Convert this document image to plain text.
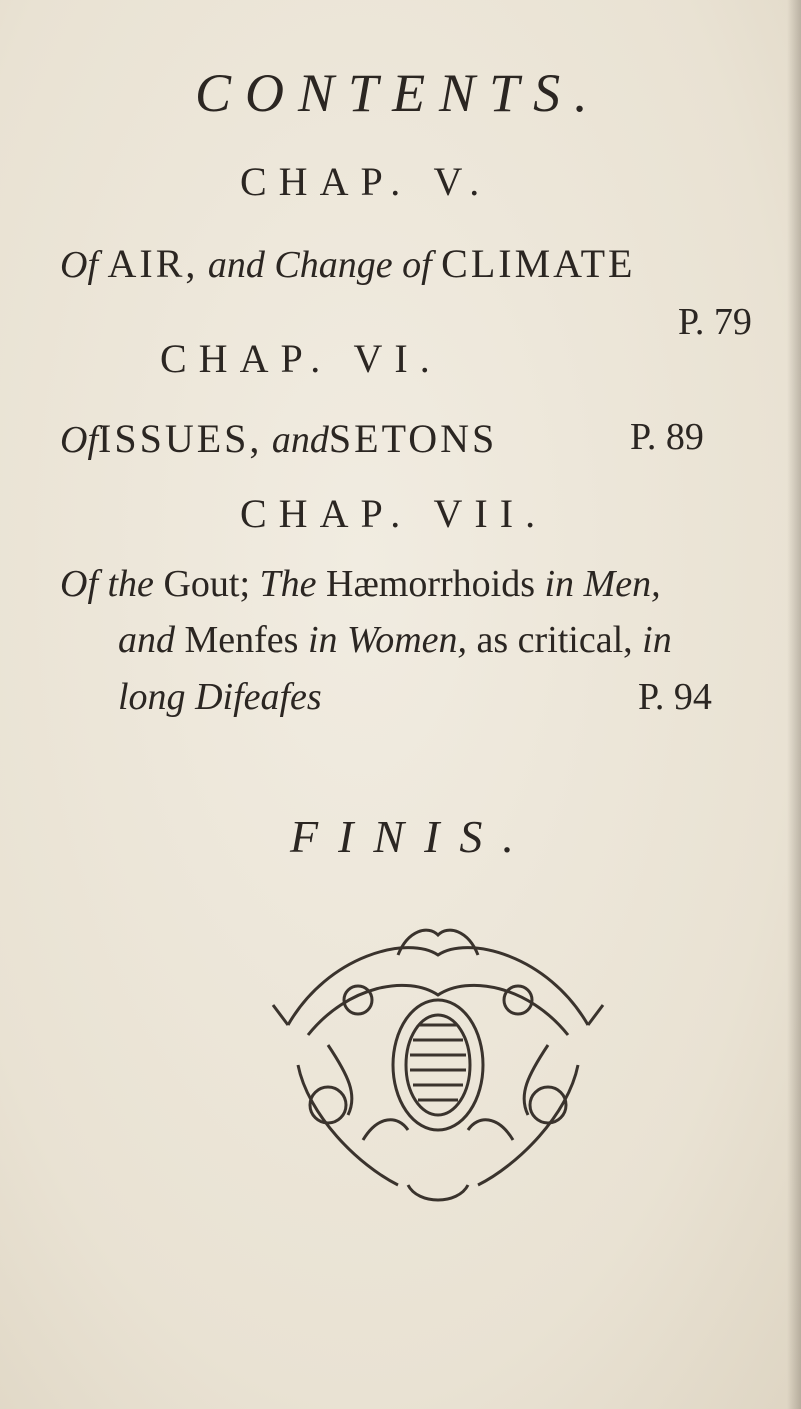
CONTENTS.
CHAP. V.
Of AIR, and Change of CLIMATE
P. 79
CHAP. VI.
OfISSUES, andSETONS	P. 89
CHAP. VII.
Of the Gout; The Hæmorrhoids in Men,
and Menfes in Women, as critical, in
long Difeafes	P. 94
FINIS.
